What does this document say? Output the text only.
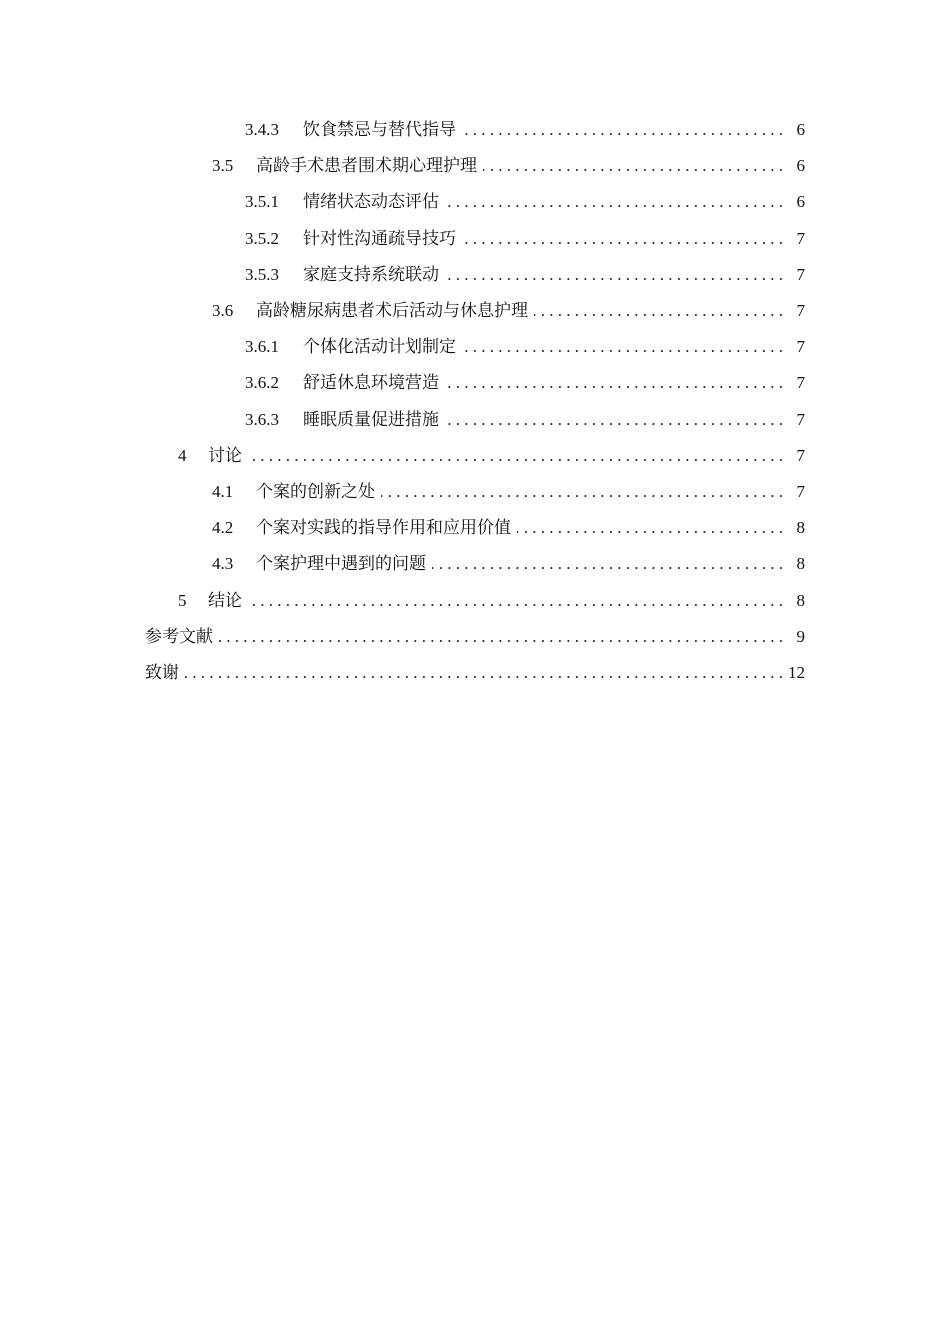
3.4.3	饮食禁忌与替代指导 . . .	6
3.5	高龄手术患者围术期心理护理 . . .	6
3.5.1	情绪状态动态评估 . . .	6
3.5.2	针对性沟通疏导技巧 . . .	7
3.5.3	家庭支持系统联动 . . .	7
3.6	高龄糖尿病患者术后活动与休息护理 . . .	7
3.6.1	个体化活动计划制定 . . .	7
3.6.2	舒适休息环境营造 . . .	7
3.6.3	睡眠质量促进措施 . . .	7
4	讨论 . . .	7
4.1	个案的创新之处 . . .	7
4.2	个案对实践的指导作用和应用价值 . . .	8
4.3	个案护理中遇到的问题 . . .	8
5	结论 . . .	8
参考文献 . . .	9
致谢 . . .	12
